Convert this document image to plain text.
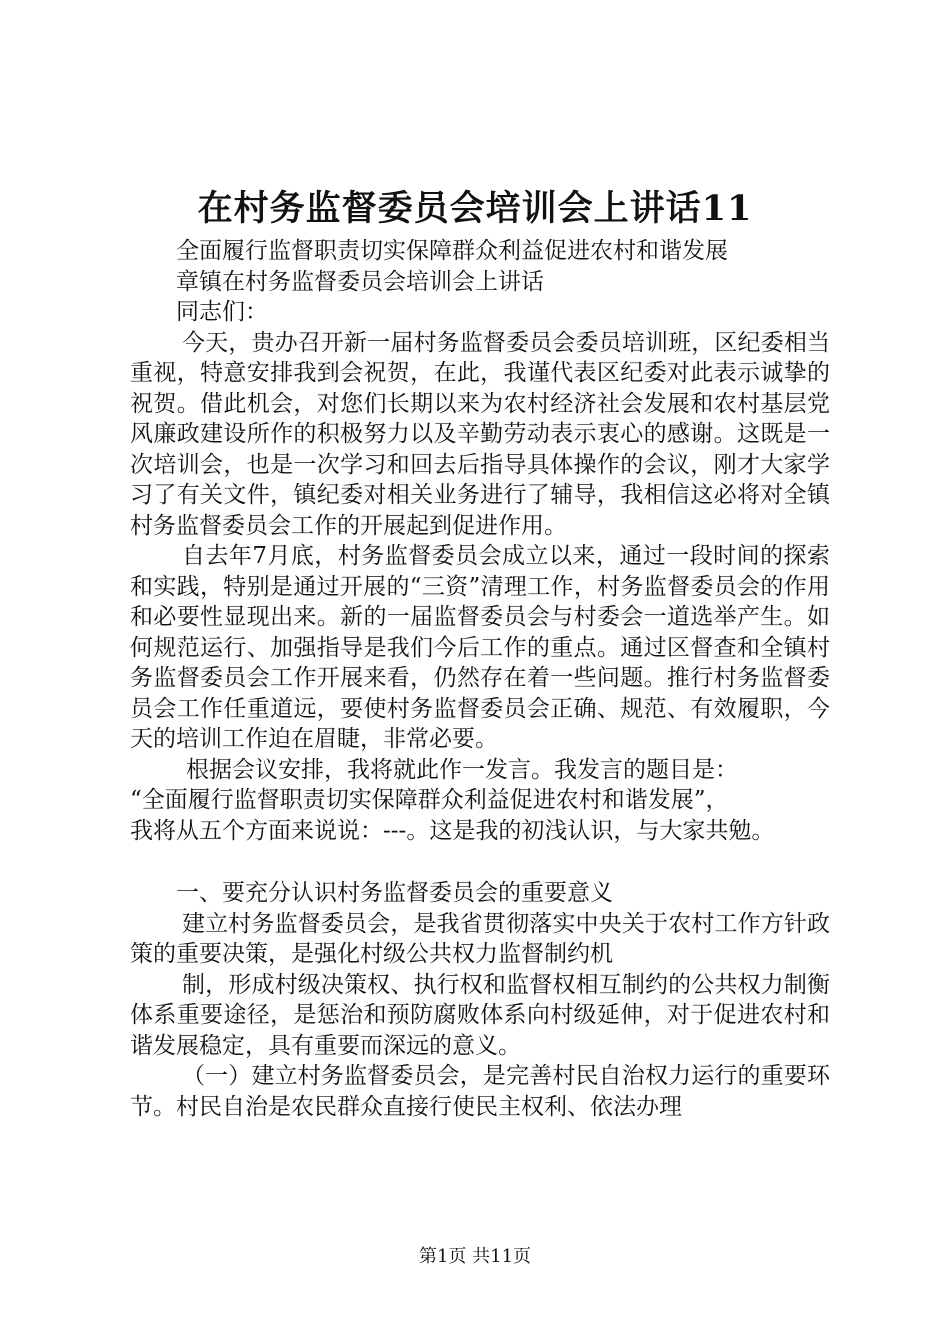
在村务监督委员会培训会上讲话11
全面履行监督职责切实保障群众利益促进农村和谐发展
章镇在村务监督委员会培训会上讲话
同志们：

今天，贵办召开新一届村务监督委员会委员培训班，区纪委相当重视，特意安排我到会祝贺，在此，我谨代表区纪委对此表示诚挚的祝贺。借此机会，对您们长期以来为农村经济社会发展和农村基层党风廉政建设所作的积极努力以及辛勤劳动表示衷心的感谢。这既是一次培训会，也是一次学习和回去后指导具体操作的会议，刚才大家学习了有关文件，镇纪委对相关业务进行了辅导，我相信这必将对全镇村务监督委员会工作的开展起到促进作用。

自去年7月底，村务监督委员会成立以来，通过一段时间的探索和实践，特别是通过开展的“三资”清理工作，村务监督委员会的作用和必要性显现出来。新的一届监督委员会与村委会一道选举产生。如何规范运行、加强指导是我们今后工作的重点。通过区督查和全镇村务监督委员会工作开展来看，仍然存在着一些问题。推行村务监督委员会工作任重道远，要使村务监督委员会正确、规范、有效履职，今天的培训工作迫在眉睫，非常必要。

根据会议安排，我将就此作一发言。我发言的题目是：
“全面履行监督职责切实保障群众利益促进农村和谐发展”，
我将从五个方面来说说：---。这是我的初浅认识，与大家共勉。
一、要充分认识村务监督委员会的重要意义

建立村务监督委员会，是我省贯彻落实中央关于农村工作方针政策的重要决策，是强化村级公共权力监督制约机

制，形成村级决策权、执行权和监督权相互制约的公共权力制衡体系重要途径，是惩治和预防腐败体系向村级延伸，对于促进农村和谐发展稳定，具有重要而深远的意义。

（一）建立村务监督委员会，是完善村民自治权力运行的重要环节。村民自治是农民群众直接行使民主权利、依法办理

第1页 共11页
